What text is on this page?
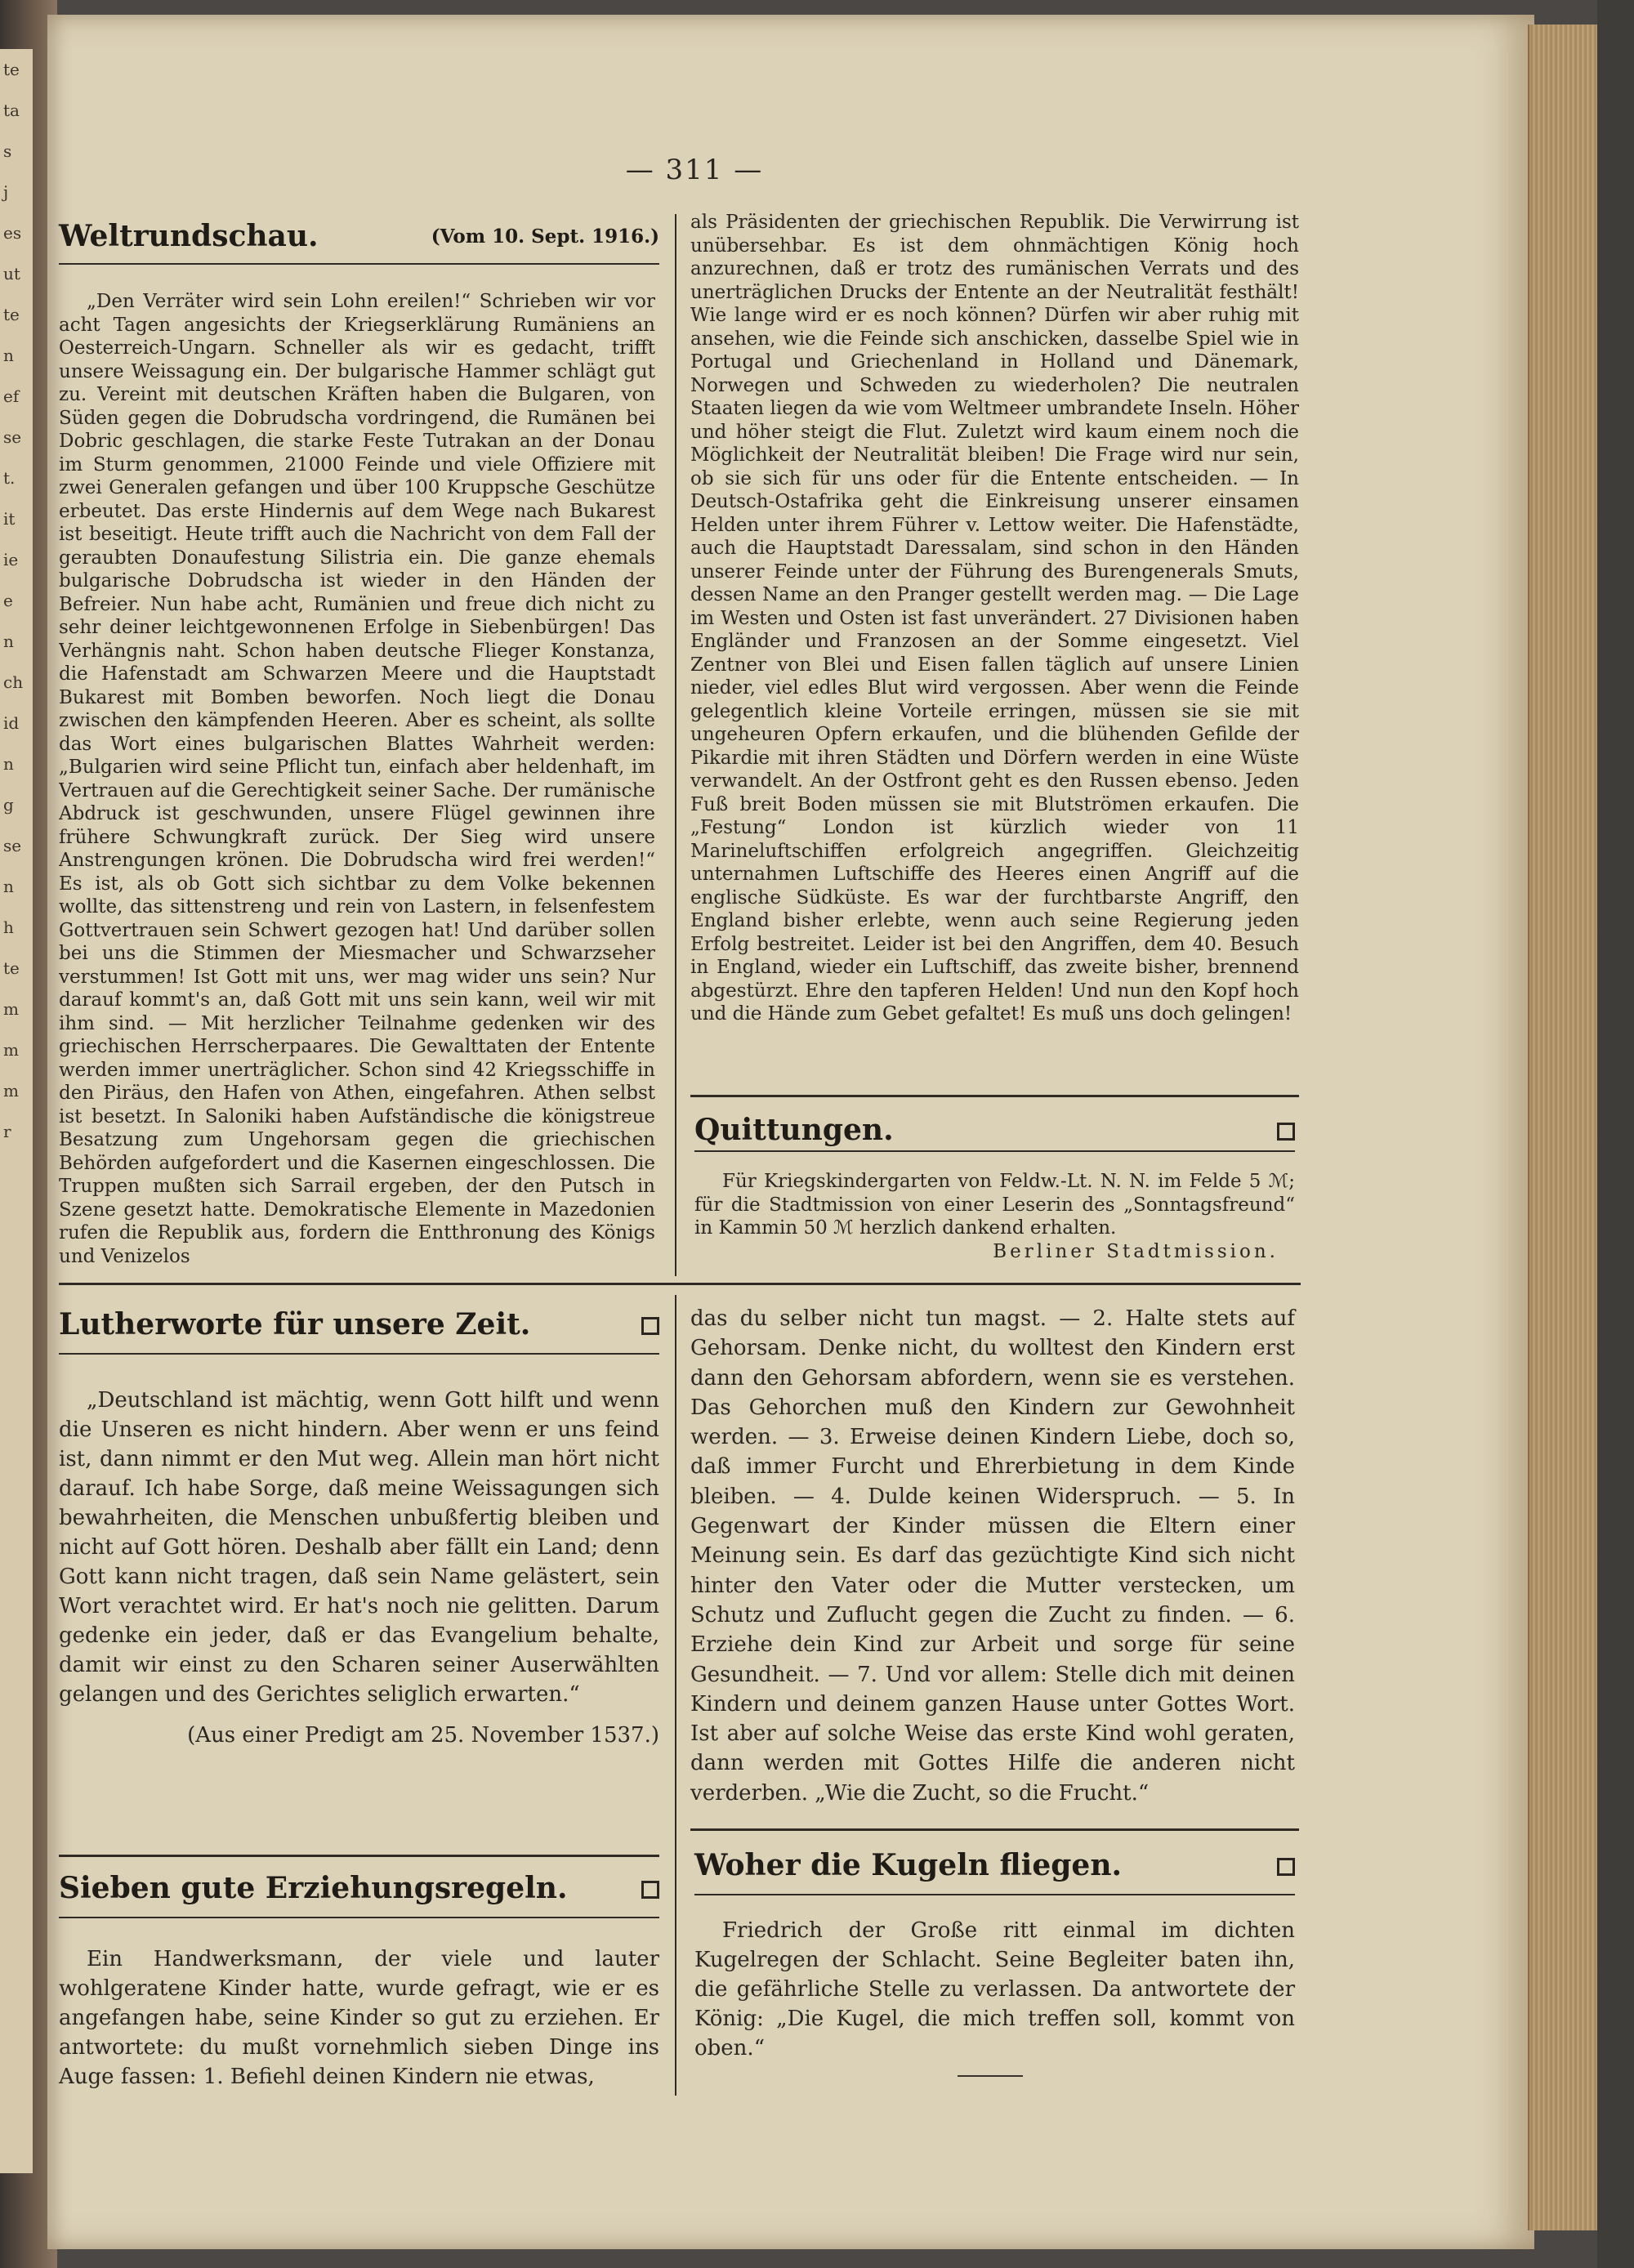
te
ta
s
j
es
ut
te
n
ef
se
t.
it
ie
e
n
ch
id
n
g
se
n
h
te
m
m
m
r
— 311 —
Weltrundschau.	(Vom 10. Sept. 1916.)

„Den Verräter wird sein Lohn ereilen!“ Schrieben wir vor acht Tagen angesichts der Kriegserklärung Rumäniens an Oesterreich-Ungarn. Schneller als wir es gedacht, trifft unsere Weissagung ein. Der bulgarische Hammer schlägt gut zu. Vereint mit deutschen Kräften haben die Bulgaren, von Süden gegen die Dobrudscha vordringend, die Rumänen bei Dobric geschlagen, die starke Feste Tutrakan an der Donau im Sturm genommen, 21000 Feinde und viele Offiziere mit zwei Generalen gefangen und über 100 Kruppsche Geschütze erbeutet. Das erste Hindernis auf dem Wege nach Bukarest ist beseitigt. Heute trifft auch die Nachricht von dem Fall der geraubten Donaufestung Silistria ein. Die ganze ehemals bulgarische Dobrudscha ist wieder in den Händen der Befreier. Nun habe acht, Rumänien und freue dich nicht zu sehr deiner leichtgewonnenen Erfolge in Siebenbürgen! Das Verhängnis naht. Schon haben deutsche Flieger Konstanza, die Hafenstadt am Schwarzen Meere und die Hauptstadt Bukarest mit Bomben beworfen. Noch liegt die Donau zwischen den kämpfenden Heeren. Aber es scheint, als sollte das Wort eines bulgarischen Blattes Wahrheit werden: „Bulgarien wird seine Pflicht tun, einfach aber heldenhaft, im Vertrauen auf die Gerechtigkeit seiner Sache. Der rumänische Abdruck ist geschwunden, unsere Flügel gewinnen ihre frühere Schwungkraft zurück. Der Sieg wird unsere Anstrengungen krönen. Die Dobrudscha wird frei werden!“ Es ist, als ob Gott sich sichtbar zu dem Volke bekennen wollte, das sittenstreng und rein von Lastern, in felsenfestem Gottvertrauen sein Schwert gezogen hat! Und darüber sollen bei uns die Stimmen der Miesmacher und Schwarzseher verstummen! Ist Gott mit uns, wer mag wider uns sein? Nur darauf kommt's an, daß Gott mit uns sein kann, weil wir mit ihm sind. — Mit herzlicher Teilnahme gedenken wir des griechischen Herrscherpaares. Die Gewalttaten der Entente werden immer unerträglicher. Schon sind 42 Kriegsschiffe in den Piräus, den Hafen von Athen, eingefahren. Athen selbst ist besetzt. In Saloniki haben Aufständische die königstreue Besatzung zum Ungehorsam gegen die griechischen Behörden aufgefordert und die Kasernen eingeschlossen. Die Truppen mußten sich Sarrail ergeben, der den Putsch in Szene gesetzt hatte. Demokratische Elemente in Mazedonien rufen die Republik aus, fordern die Entthronung des Königs und Venizelos

als Präsidenten der griechischen Republik. Die Verwirrung ist unübersehbar. Es ist dem ohnmächtigen König hoch anzurechnen, daß er trotz des rumänischen Verrats und des unerträglichen Drucks der Entente an der Neutralität festhält! Wie lange wird er es noch können? Dürfen wir aber ruhig mit ansehen, wie die Feinde sich anschicken, dasselbe Spiel wie in Portugal und Griechenland in Holland und Dänemark, Norwegen und Schweden zu wiederholen? Die neutralen Staaten liegen da wie vom Weltmeer umbrandete Inseln. Höher und höher steigt die Flut. Zuletzt wird kaum einem noch die Möglichkeit der Neutralität bleiben! Die Frage wird nur sein, ob sie sich für uns oder für die Entente entscheiden. — In Deutsch-Ostafrika geht die Einkreisung unserer einsamen Helden unter ihrem Führer v. Lettow weiter. Die Hafenstädte, auch die Hauptstadt Daressalam, sind schon in den Händen unserer Feinde unter der Führung des Burengenerals Smuts, dessen Name an den Pranger gestellt werden mag. — Die Lage im Westen und Osten ist fast unverändert. 27 Divisionen haben Engländer und Franzosen an der Somme eingesetzt. Viel Zentner von Blei und Eisen fallen täglich auf unsere Linien nieder, viel edles Blut wird vergossen. Aber wenn die Feinde gelegentlich kleine Vorteile erringen, müssen sie sie mit ungeheuren Opfern erkaufen, und die blühenden Gefilde der Pikardie mit ihren Städten und Dörfern werden in eine Wüste verwandelt. An der Ostfront geht es den Russen ebenso. Jeden Fuß breit Boden müssen sie mit Blutströmen erkaufen. Die „Festung“ London ist kürzlich wieder von 11 Marineluftschiffen erfolgreich angegriffen. Gleichzeitig unternahmen Luftschiffe des Heeres einen Angriff auf die englische Südküste. Es war der furchtbarste Angriff, den England bisher erlebte, wenn auch seine Regierung jeden Erfolg bestreitet. Leider ist bei den Angriffen, dem 40. Besuch in England, wieder ein Luftschiff, das zweite bisher, brennend abgestürzt. Ehre den tapferen Helden! Und nun den Kopf hoch und die Hände zum Gebet gefaltet! Es muß uns doch gelingen!

Quittungen.

Für Kriegskindergarten von Feldw.-Lt. N. N. im Felde 5 ℳ; für die Stadtmission von einer Leserin des „Sonntagsfreund“ in Kammin 50 ℳ herzlich dankend erhalten.

Berliner Stadtmission.
Lutherworte für unsere Zeit.

„Deutschland ist mächtig, wenn Gott hilft und wenn die Unseren es nicht hindern. Aber wenn er uns feind ist, dann nimmt er den Mut weg. Allein man hört nicht darauf. Ich habe Sorge, daß meine Weissagungen sich bewahrheiten, die Menschen unbußfertig bleiben und nicht auf Gott hören. Deshalb aber fällt ein Land; denn Gott kann nicht tragen, daß sein Name gelästert, sein Wort verachtet wird. Er hat's noch nie gelitten. Darum gedenke ein jeder, daß er das Evangelium behalte, damit wir einst zu den Scharen seiner Auserwählten gelangen und des Gerichtes seliglich erwarten.“

(Aus einer Predigt am 25. November 1537.)
Sieben gute Erziehungsregeln.

Ein Handwerksmann, der viele und lauter wohlgeratene Kinder hatte, wurde gefragt, wie er es angefangen habe, seine Kinder so gut zu erziehen. Er antwortete: du mußt vornehmlich sieben Dinge ins Auge fassen: 1. Befiehl deinen Kindern nie etwas,

das du selber nicht tun magst. — 2. Halte stets auf Gehorsam. Denke nicht, du wolltest den Kindern erst dann den Gehorsam abfordern, wenn sie es verstehen. Das Gehorchen muß den Kindern zur Gewohnheit werden. — 3. Erweise deinen Kindern Liebe, doch so, daß immer Furcht und Ehrerbietung in dem Kinde bleiben. — 4. Dulde keinen Widerspruch. — 5. In Gegenwart der Kinder müssen die Eltern einer Meinung sein. Es darf das gezüchtigte Kind sich nicht hinter den Vater oder die Mutter verstecken, um Schutz und Zuflucht gegen die Zucht zu finden. — 6. Erziehe dein Kind zur Arbeit und sorge für seine Gesundheit. — 7. Und vor allem: Stelle dich mit deinen Kindern und deinem ganzen Hause unter Gottes Wort. Ist aber auf solche Weise das erste Kind wohl geraten, dann werden mit Gottes Hilfe die anderen nicht verderben. „Wie die Zucht, so die Frucht.“

Woher die Kugeln fliegen.

Friedrich der Große ritt einmal im dichten Kugelregen der Schlacht. Seine Begleiter baten ihn, die gefährliche Stelle zu verlassen. Da antwortete der König: „Die Kugel, die mich treffen soll, kommt von oben.“
